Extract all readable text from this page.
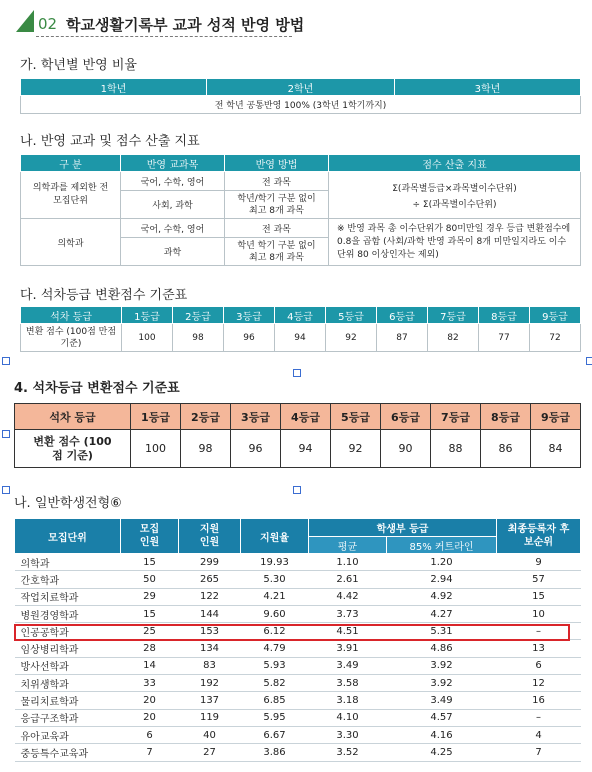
02 학교생활기록부 교과 성적 반영 방법
가. 학년별 반영 비율
1학년	2학년	3학년
전 학년 공통반영 100% (3학년 1학기까지)
나. 반영 교과 및 점수 산출 지표
구 분	반영 교과목	반영 방법	점수 산출 지표
의학과를 제외한 전 모집단위	국어, 수학, 영어	전 과목	Σ(과목별등급×과목별이수단위)
÷ Σ(과목별이수단위)

	사회, 과학	학년/학기 구분 없이 최고 8개 과목	
의학과	국어, 수학, 영어	전 과목	※ 반영 과목 총 이수단위가 80미만일 경우 등급 변환점수에 0.8을 곱함 (사회/과학 반영 과목이 8개 미만일지라도 이수 단위 80 이상인자는 제외)
	과학	학년 학기 구분 없이 최고 8개 과목	
다. 석차등급 변환점수 기준표
석차 등급	1등급	2등급	3등급	4등급	5등급	6등급	7등급	8등급	9등급
변환 점수 (100점 만점 기준)	100	98	96	94	92	87	82	77	72
4. 석차등급 변환점수 기준표
석차 등급	1등급	2등급	3등급	4등급	5등급	6등급	7등급	8등급	9등급
변환 점수 (100점 기준)	100	98	96	94	92	90	88	86	84
나. 일반학생전형⑥
모집단위	모집 인원	지원 인원	지원율	학생부 등급		최종등록자 후보순위
				평균	85% 커트라인	
의학과	15	299	19.93	1.10	1.20	9
간호학과	50	265	5.30	2.61	2.94	57
작업치료학과	29	122	4.21	4.42	4.92	15
병원경영학과	15	144	9.60	3.73	4.27	10
인공공학과	25	153	6.12	4.51	5.31	–
임상병리학과	28	134	4.79	3.91	4.86	13
방사선학과	14	83	5.93	3.49	3.92	6
치위생학과	33	192	5.82	3.58	3.92	12
물리치료학과	20	137	6.85	3.18	3.49	16
응급구조학과	20	119	5.95	4.10	4.57	–
유아교육과	6	40	6.67	3.30	4.16	4
중등특수교육과	7	27	3.86	3.52	4.25	7
